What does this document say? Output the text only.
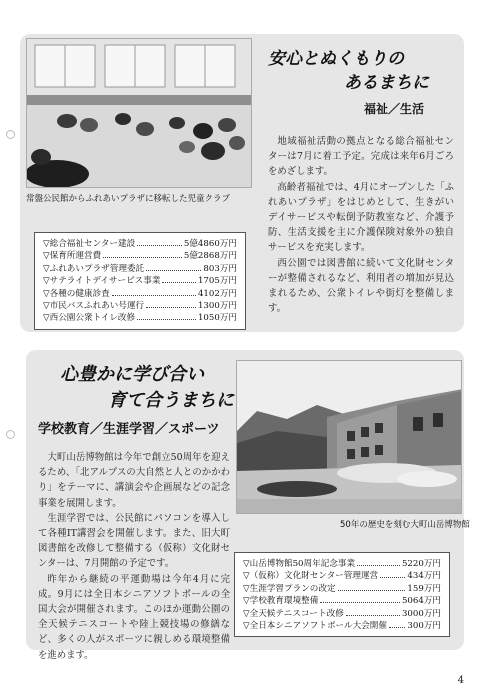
常盤公民館からふれあいプラザに移転した児童クラブ
安心とぬくもりの
あるまちに
福祉／生活

地域福祉活動の拠点となる総合福祉センターは7月に着工予定。完成は来年6月ごろをめざします。

高齢者福祉では、4月にオープンした「ふれあいプラザ」をはじめとして、生きがいデイサービスや転倒予防教室など、介護予防、生活支援を主に介護保険対象外の独自サービスを充実します。

西公園では図書館に続いて文化財センターが整備されるなど、利用者の増加が見込まれるため、公衆トイレや街灯を整備します。

▽総合福祉センター建設	5億4860万円
▽保育所運営費	5億2868万円
▽ふれあいプラザ管理委託	803万円
▽サテライトデイサービス事業	1705万円
▽各種の健康診査	4102万円
▽市民バスふれあい号運行	1300万円
▽西公園公衆トイレ改修	1050万円
50年の歴史を刻む大町山岳博物館
心豊かに学び合い
育て合うまちに
学校教育／生涯学習／スポーツ

大町山岳博物館は今年で創立50周年を迎えるため、「北アルプスの大自然と人とのかかわり」をテーマに、講演会や企画展などの記念事業を展開します。

生涯学習では、公民館にパソコンを導入して各種IT講習会を開催します。また、旧大町図書館を改修して整備する（仮称）文化財センターは、7月開館の予定です。

昨年から継続の平運動場は今年4月に完成。9月には全日本シニアソフトボールの全国大会が開催されます。このほか運動公園の全天候テニスコートや陸上競技場の修繕など、多くの人がスポーツに親しめる環境整備を進めます。

▽山岳博物館50周年記念事業	5220万円
▽（仮称）文化財センター管理運営	434万円
▽生涯学習プランの改定	159万円
▽学校教育環境整備	5064万円
▽全天候テニスコート改修	3000万円
▽全日本シニアソフトボール大会開催 300万円
4
